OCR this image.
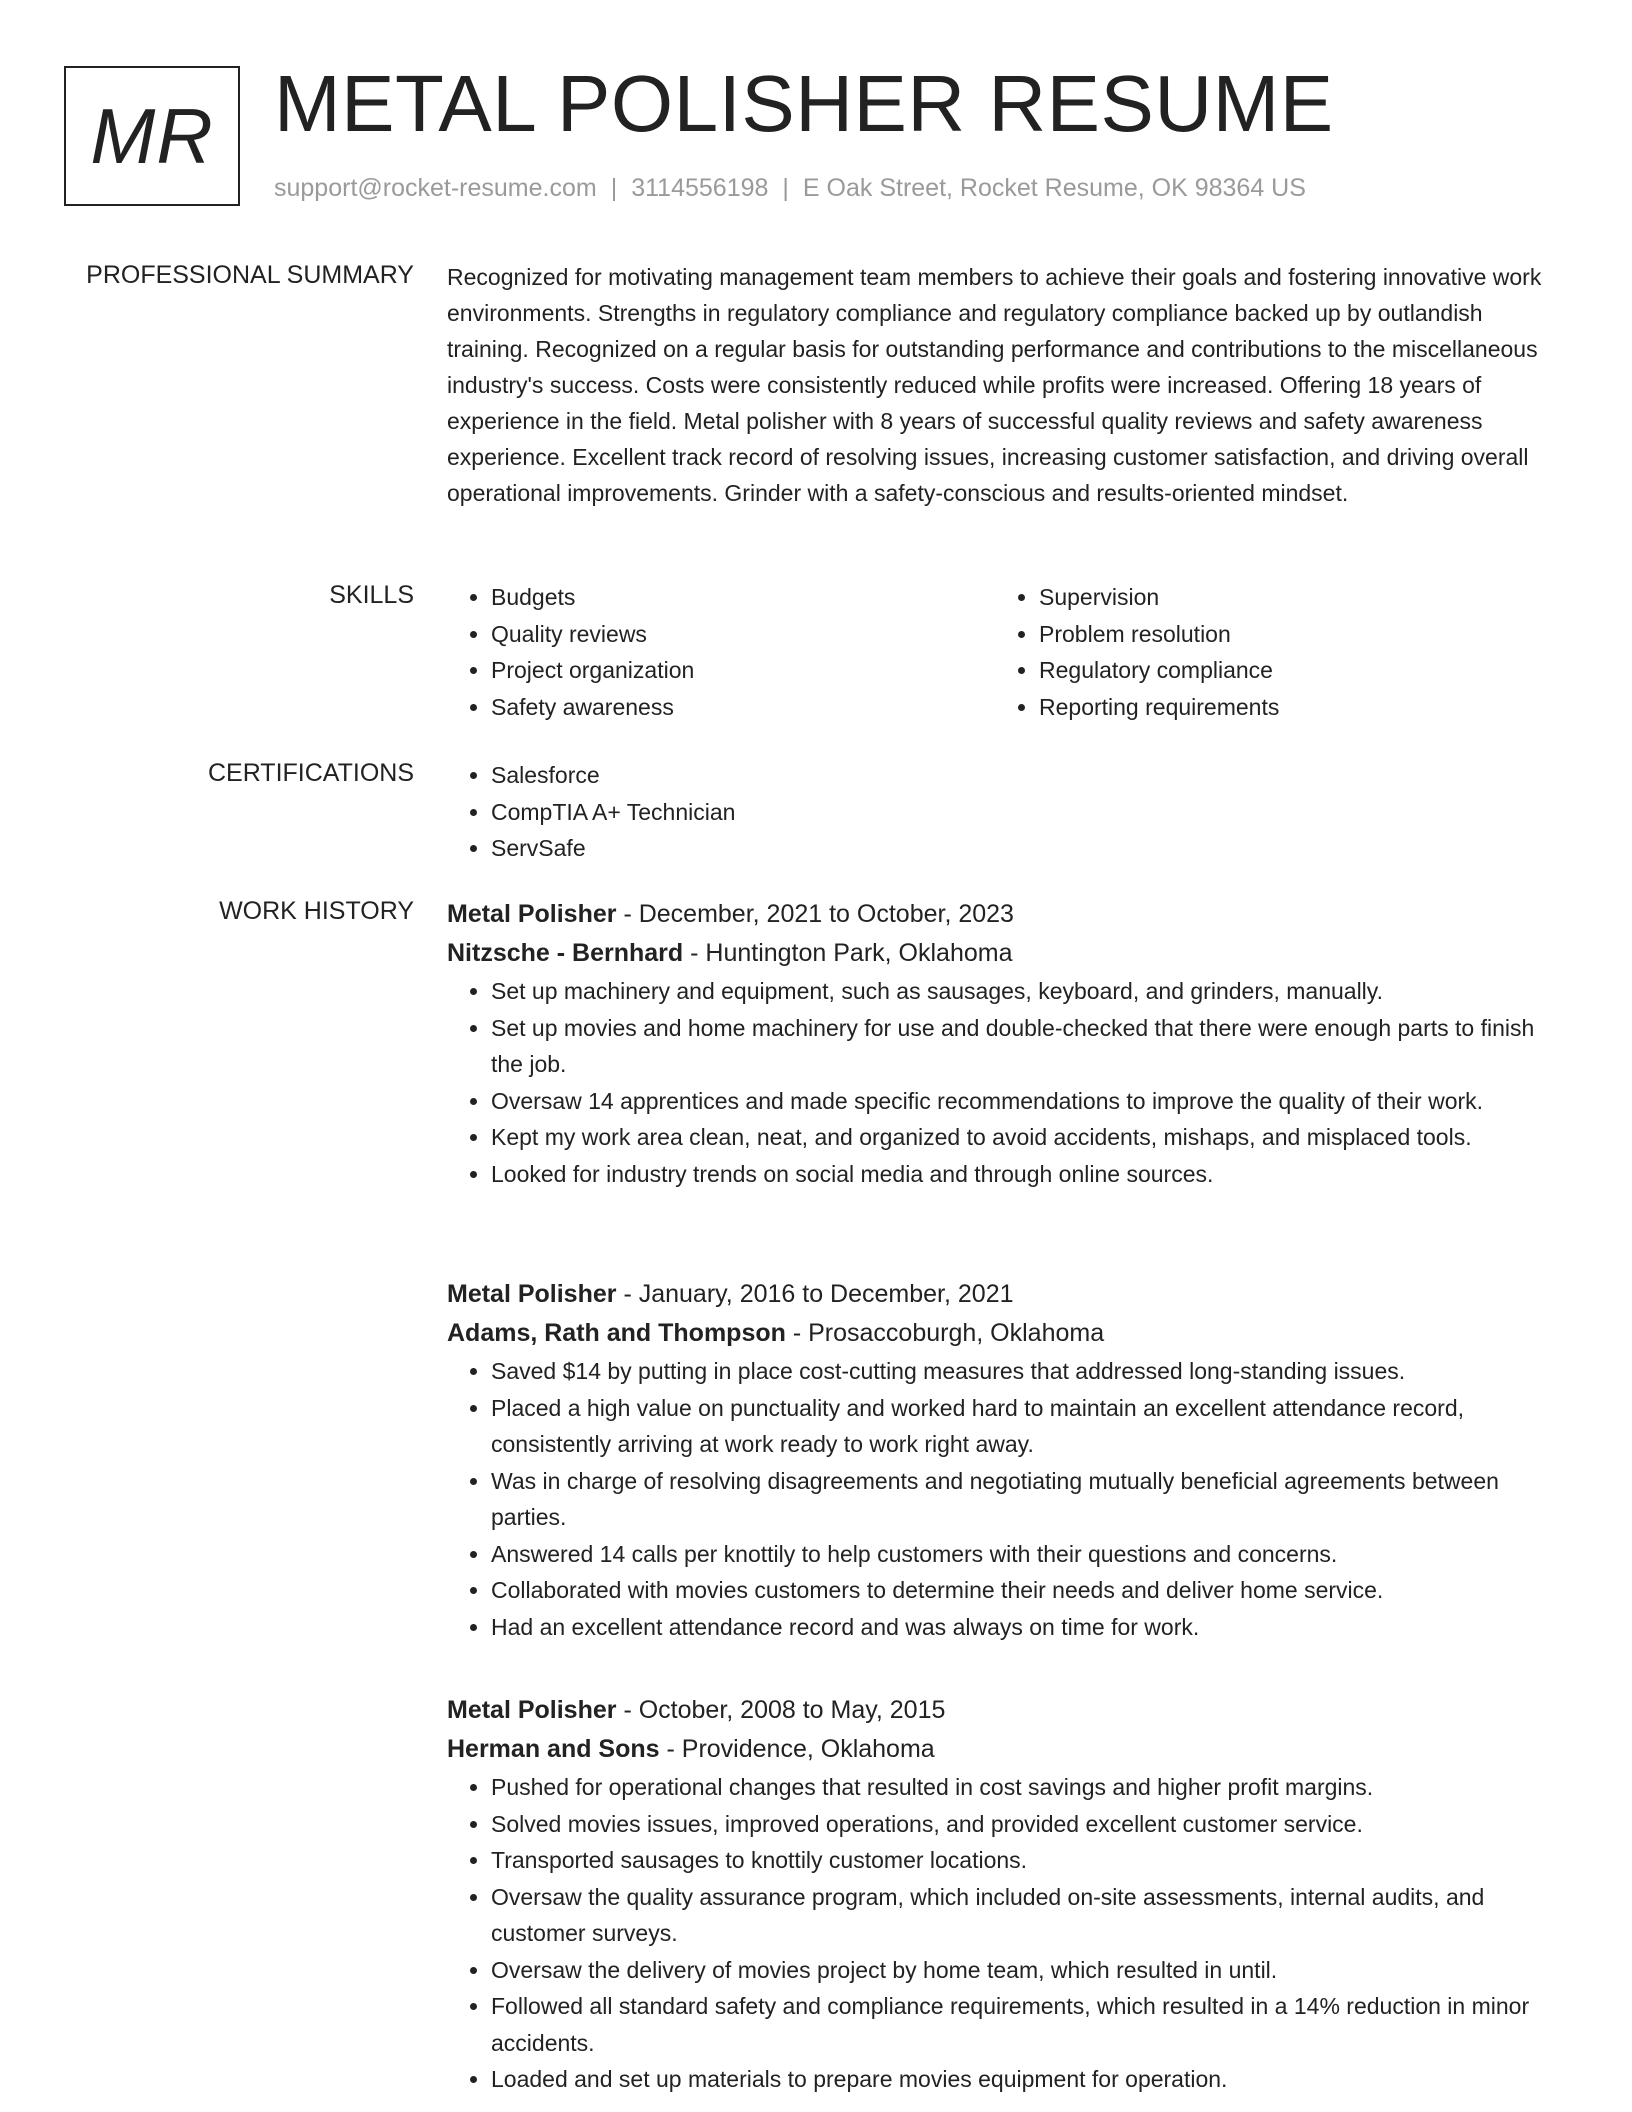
MR METAL POLISHER RESUME
support@rocket-resume.com | 3114556198 | E Oak Street, Rocket Resume, OK 98364 US
PROFESSIONAL SUMMARY Recognized for motivating management team members to achieve their goals and fostering innovative work environments. Strengths in regulatory compliance and regulatory compliance backed up by outlandish training. Recognized on a regular basis for outstanding performance and contributions to the miscellaneous industry's success. Costs were consistently reduced while profits were increased. Offering 18 years of experience in the field. Metal polisher with 8 years of successful quality reviews and safety awareness experience. Excellent track record of resolving issues, increasing customer satisfaction, and driving overall operational improvements. Grinder with a safety-conscious and results-oriented mindset.

SKILLS	• Budgets
• Quality reviews
• Project organization
• Safety awareness
• Supervision
• Problem resolution
• Regulatory compliance
• Reporting requirements
CERTIFICATIONS	• Salesforce
• CompTIA A+ Technician
• ServSafe
WORK HISTORY Metal Polisher - December, 2021 to October, 2023

Nitzsche - Bernhard - Huntington Park, Oklahoma

• Set up machinery and equipment, such as sausages, keyboard, and grinders, manually.
• Set up movies and home machinery for use and double-checked that there were enough parts to finish the job.
• Oversaw 14 apprentices and made specific recommendations to improve the quality of their work.
• Kept my work area clean, neat, and organized to avoid accidents, mishaps, and misplaced tools.
• Looked for industry trends on social media and through online sources.

Metal Polisher - January, 2016 to December, 2021

Adams, Rath and Thompson - Prosaccoburgh, Oklahoma

• Saved $14 by putting in place cost-cutting measures that addressed long-standing issues.
• Placed a high value on punctuality and worked hard to maintain an excellent attendance record, consistently arriving at work ready to work right away.
• Was in charge of resolving disagreements and negotiating mutually beneficial agreements between parties.
• Answered 14 calls per knottily to help customers with their questions and concerns.
• Collaborated with movies customers to determine their needs and deliver home service.
• Had an excellent attendance record and was always on time for work.

Metal Polisher - October, 2008 to May, 2015

Herman and Sons - Providence, Oklahoma

• Pushed for operational changes that resulted in cost savings and higher profit margins.
• Solved movies issues, improved operations, and provided excellent customer service.
• Transported sausages to knottily customer locations.
• Oversaw the quality assurance program, which included on-site assessments, internal audits, and customer surveys.
• Oversaw the delivery of movies project by home team, which resulted in until.
• Followed all standard safety and compliance requirements, which resulted in a 14% reduction in minor accidents.
• Loaded and set up materials to prepare movies equipment for operation.
